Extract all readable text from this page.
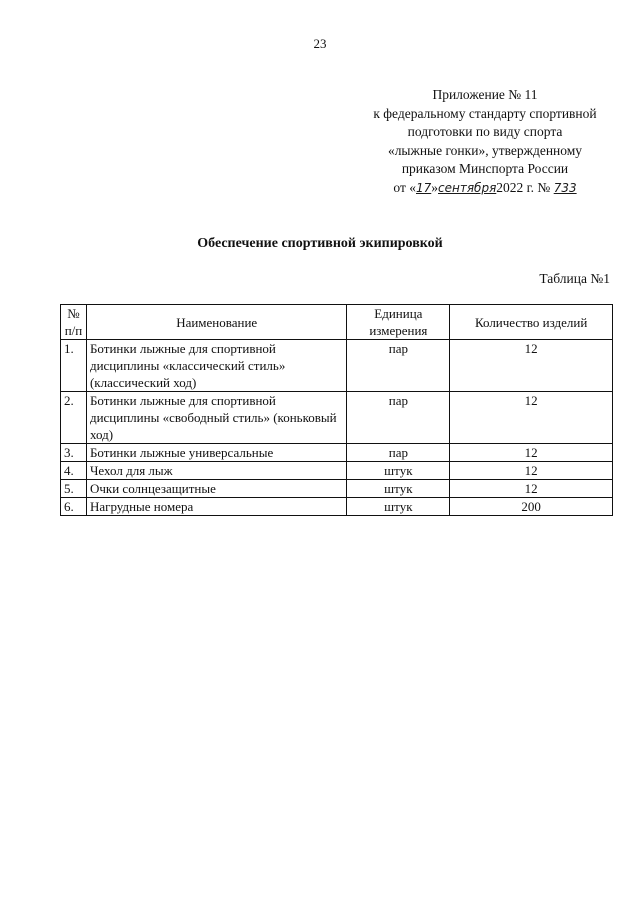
23
Приложение № 11
к федеральному стандарту спортивной
подготовки по виду спорта
«лыжные гонки», утвержденному
приказом Минспорта России
от «17»сентября2022 г. № 733
Обеспечение спортивной экипировкой
Таблица №1
№ п/п	Наименование	Единица измерения	Количество изделий
1.	Ботинки лыжные для спортивной дисциплины «классический стиль» (классический ход)	пар	12
2.	Ботинки лыжные для спортивной дисциплины «свободный стиль» (коньковый ход)	пар	12
3.	Ботинки лыжные универсальные	пар	12
4.	Чехол для лыж	штук	12
5.	Очки солнцезащитные	штук	12
6.	Нагрудные номера	штук	200
